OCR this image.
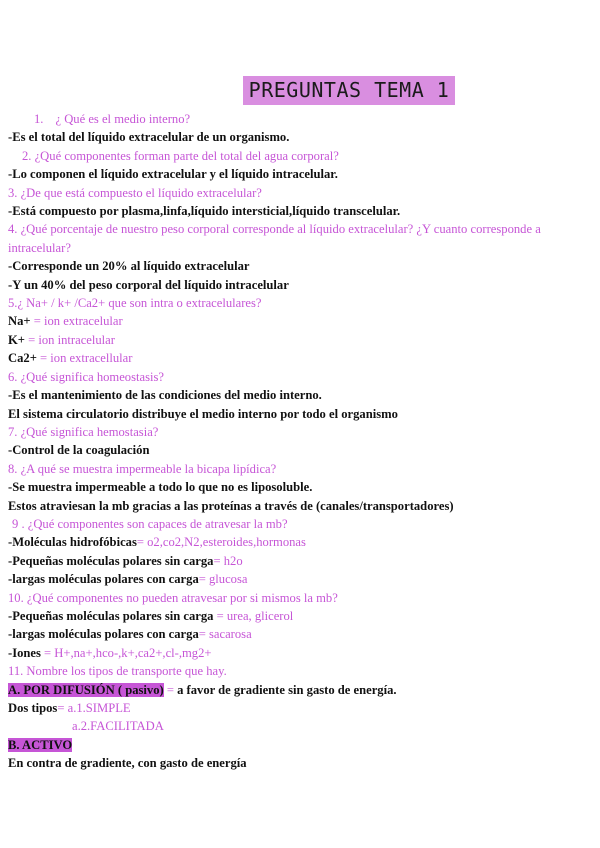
PREGUNTAS TEMA 1
1. ¿ Qué es el medio interno?
-Es el total del líquido extracelular de un organismo.
2. ¿Qué componentes forman parte del total del agua corporal?
-Lo componen el líquido extracelular y el líquido intracelular.
3. ¿De que está compuesto el líquido extracelular?
-Está compuesto por plasma,linfa,líquido intersticial,líquido transcelular.
4. ¿Qué porcentaje de nuestro peso corporal corresponde al líquido extracelular? ¿Y cuanto corresponde a intracelular?
-Corresponde un 20% al líquido extracelular
-Y un 40% del peso corporal del líquido intracelular
5.¿ Na+ / k+ /Ca2+ que son intra o extracelulares?
Na+ = ion extracelular
K+ = ion intracelular
Ca2+ = ion extracellular
6. ¿Qué significa homeostasis?
-Es el mantenimiento de las condiciones del medio interno.
El sistema circulatorio distribuye el medio interno por todo el organismo
7. ¿Qué significa hemostasia?
-Control de la coagulación
8. ¿A qué se muestra impermeable la bicapa lipídica?
-Se muestra impermeable a todo lo que no es liposoluble.
Estos atraviesan la mb gracias a las proteínas a través de (canales/transportadores)
9 . ¿Qué componentes son capaces de atravesar la mb?
-Moléculas hidrofóbicas= o2,co2,N2,esteroides,hormonas
-Pequeñas moléculas polares sin carga= h2o
-largas moléculas polares con carga= glucosa
10. ¿Qué componentes no pueden atravesar por si mismos la mb?
-Pequeñas moléculas polares sin carga = urea, glicerol
-largas moléculas polares con carga= sacarosa
-Iones = H+,na+,hco-,k+,ca2+,cl-,mg2+
11. Nombre los tipos de transporte que hay.
A. POR DIFUSIÓN ( pasivo) = a favor de gradiente sin gasto de energía.
Dos tipos= a.1.SIMPLE
a.2.FACILITADA
B. ACTIVO
En contra de gradiente, con gasto de energía
